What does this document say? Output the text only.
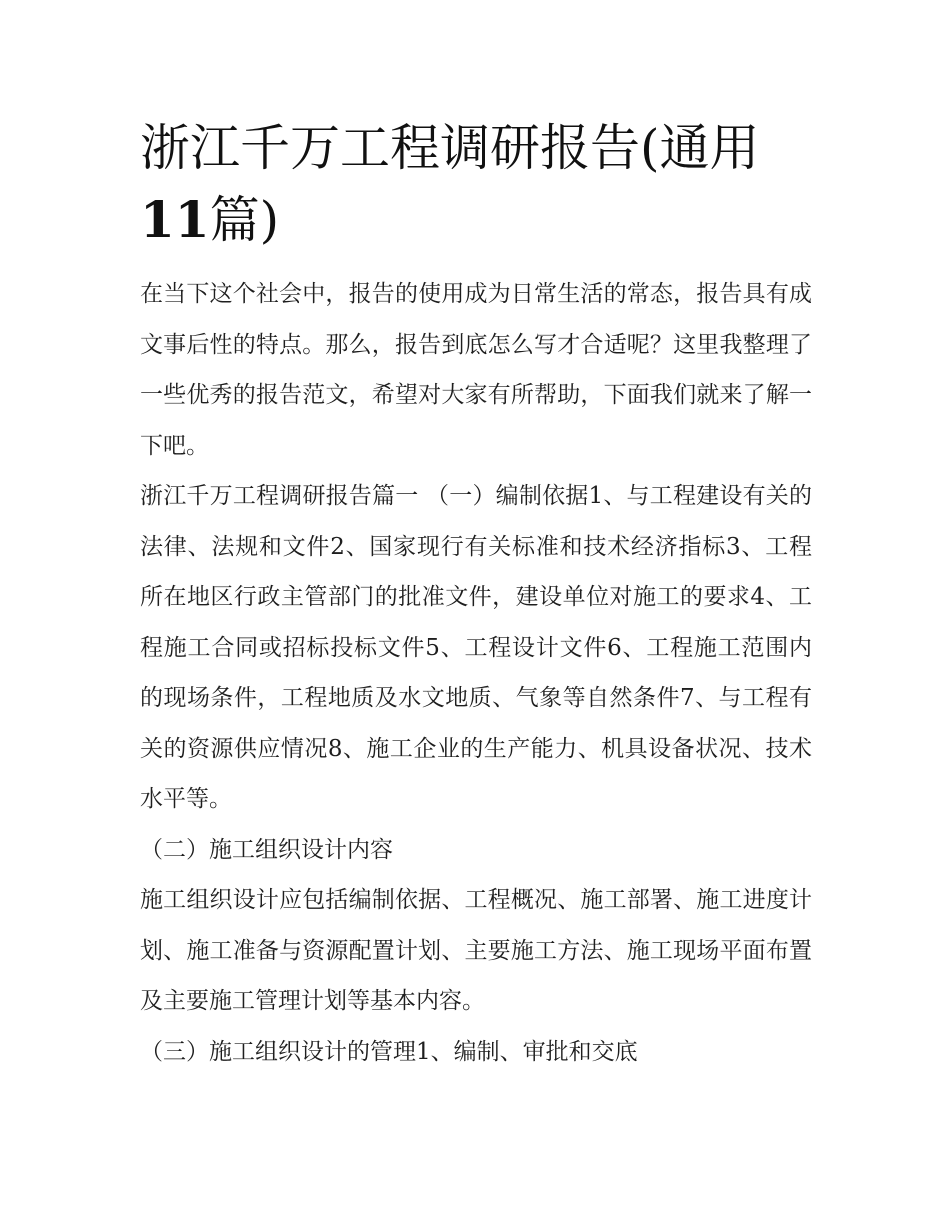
浙江千万工程调研报告(通用
11篇)

在当下这个社会中，报告的使用成为日常生活的常态，报告具有成文事后性的特点。那么，报告到底怎么写才合适呢？这里我整理了一些优秀的报告范文，希望对大家有所帮助，下面我们就来了解一下吧。

浙江千万工程调研报告篇一 （一）编制依据1、与工程建设有关的法律、法规和文件2、国家现行有关标准和技术经济指标3、工程所在地区行政主管部门的批准文件，建设单位对施工的要求4、工程施工合同或招标投标文件5、工程设计文件6、工程施工范围内的现场条件，工程地质及水文地质、气象等自然条件7、与工程有关的资源供应情况8、施工企业的生产能力、机具设备状况、技术水平等。

（二）施工组织设计内容

施工组织设计应包括编制依据、工程概况、施工部署、施工进度计划、施工准备与资源配置计划、主要施工方法、施工现场平面布置及主要施工管理计划等基本内容。

（三）施工组织设计的管理1、编制、审批和交底
